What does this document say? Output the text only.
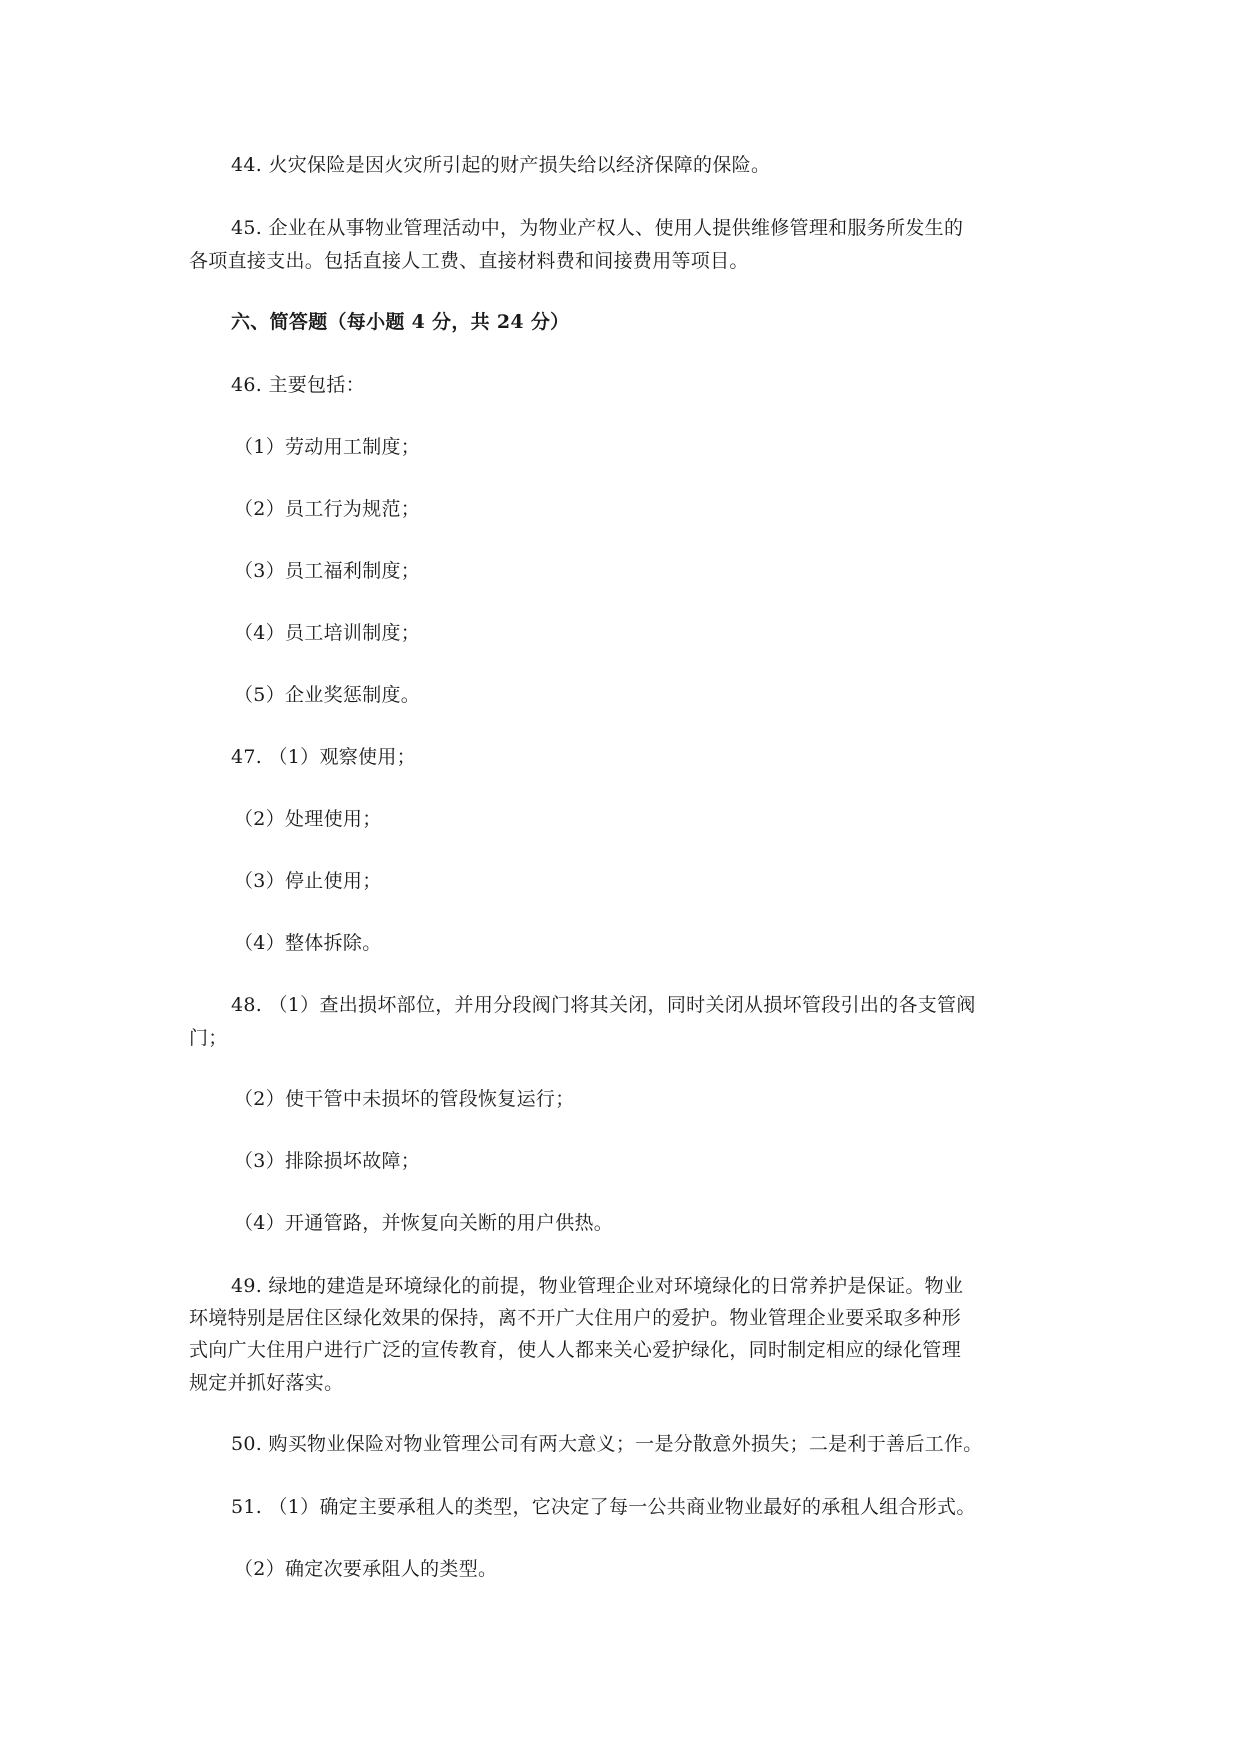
44. 火灾保险是因火灾所引起的财产损失给以经济保障的保险。
45. 企业在从事物业管理活动中，为物业产权人、使用人提供维修管理和服务所发生的
各项直接支出。包括直接人工费、直接材料费和间接费用等项目。
六、简答题（每小题 4 分，共 24 分）
46. 主要包括：
（1）劳动用工制度；
（2）员工行为规范；
（3）员工福利制度；
（4）员工培训制度；
（5）企业奖惩制度。
47. （1）观察使用；
（2）处理使用；
（3）停止使用；
（4）整体拆除。
48. （1）查出损坏部位，并用分段阀门将其关闭，同时关闭从损坏管段引出的各支管阀
门；
（2）使干管中未损坏的管段恢复运行；
（3）排除损坏故障；
（4）开通管路，并恢复向关断的用户供热。
49. 绿地的建造是环境绿化的前提，物业管理企业对环境绿化的日常养护是保证。物业
环境特别是居住区绿化效果的保持，离不开广大住用户的爱护。物业管理企业要采取多种形
式向广大住用户进行广泛的宣传教育，使人人都来关心爱护绿化，同时制定相应的绿化管理
规定并抓好落实。
50. 购买物业保险对物业管理公司有两大意义；一是分散意外损失；二是利于善后工作。
51. （1）确定主要承租人的类型，它决定了每一公共商业物业最好的承租人组合形式。
（2）确定次要承阻人的类型。
